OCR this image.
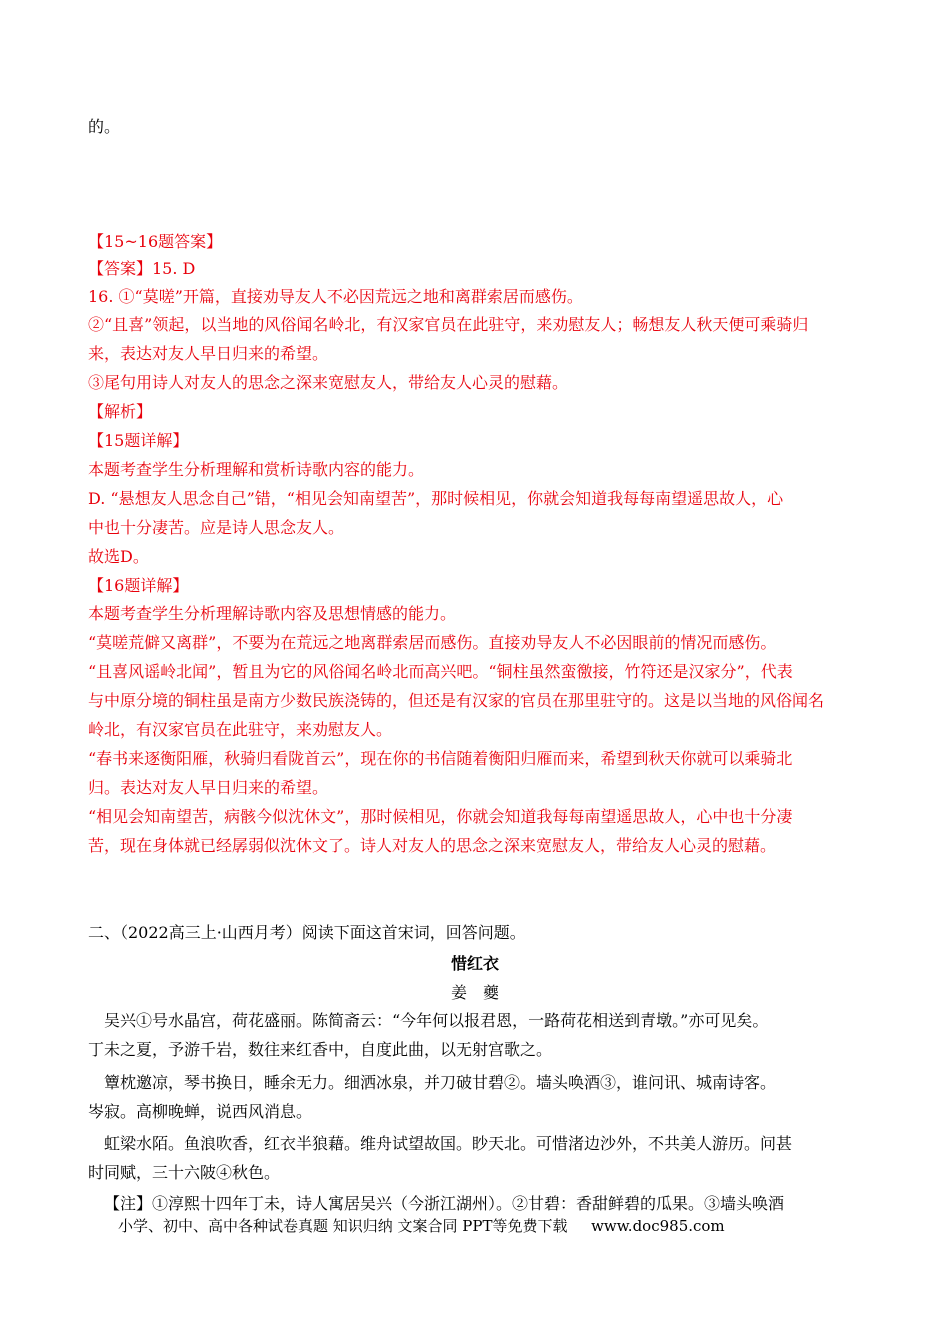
的。
【15~16题答案】
【答案】15. D
16. ①“莫嗟”开篇，直接劝导友人不必因荒远之地和离群索居而感伤。
②“且喜”领起，以当地的风俗闻名岭北，有汉家官员在此驻守，来劝慰友人；畅想友人秋天便可乘骑归
来，表达对友人早日归来的希望。
③尾句用诗人对友人的思念之深来宽慰友人，带给友人心灵的慰藉。
【解析】
【15题详解】
本题考查学生分析理解和赏析诗歌内容的能力。
D. “悬想友人思念自己”错，“相见会知南望苦”，那时候相见，你就会知道我每每南望遥思故人，心
中也十分凄苦。应是诗人思念友人。
故选D。
【16题详解】
本题考查学生分析理解诗歌内容及思想情感的能力。
“莫嗟荒僻又离群”，不要为在荒远之地离群索居而感伤。直接劝导友人不必因眼前的情况而感伤。
“且喜风谣岭北闻”，暂且为它的风俗闻名岭北而高兴吧。“铜柱虽然蛮徼接，竹符还是汉家分”，代表
与中原分境的铜柱虽是南方少数民族浇铸的，但还是有汉家的官员在那里驻守的。这是以当地的风俗闻名
岭北，有汉家官员在此驻守，来劝慰友人。
“春书来逐衡阳雁，秋骑归看陇首云”，现在你的书信随着衡阳归雁而来，希望到秋天你就可以乘骑北
归。表达对友人早日归来的希望。
“相见会知南望苦，病骸今似沈休文”，那时候相见，你就会知道我每每南望遥思故人，心中也十分凄
苦，现在身体就已经孱弱似沈休文了。诗人对友人的思念之深来宽慰友人，带给友人心灵的慰藉。
二、（2022高三上·山西月考）阅读下面这首宋词，回答问题。
惜红衣
姜　夔
　吴兴①号水晶宫，荷花盛丽。陈简斋云：“今年何以报君恩，一路荷花相送到青墩。”亦可见矣。
丁未之夏，予游千岩，数往来红香中，自度此曲，以无射宫歌之。
　簟枕邀凉，琴书换日，睡余无力。细洒冰泉，并刀破甘碧②。墙头唤酒③，谁问讯、城南诗客。
岑寂。高柳晚蝉，说西风消息。
　虹梁水陌。鱼浪吹香，红衣半狼藉。维舟试望故国。眇天北。可惜渚边沙外，不共美人游历。问甚
时同赋，三十六陂④秋色。
【注】①淳熙十四年丁未，诗人寓居吴兴（今浙江湖州）。②甘碧：香甜鲜碧的瓜果。③墙头唤酒
小学、初中、高中各种试卷真题 知识归纳 文案合同 PPT等免费下载 www.doc985.com
